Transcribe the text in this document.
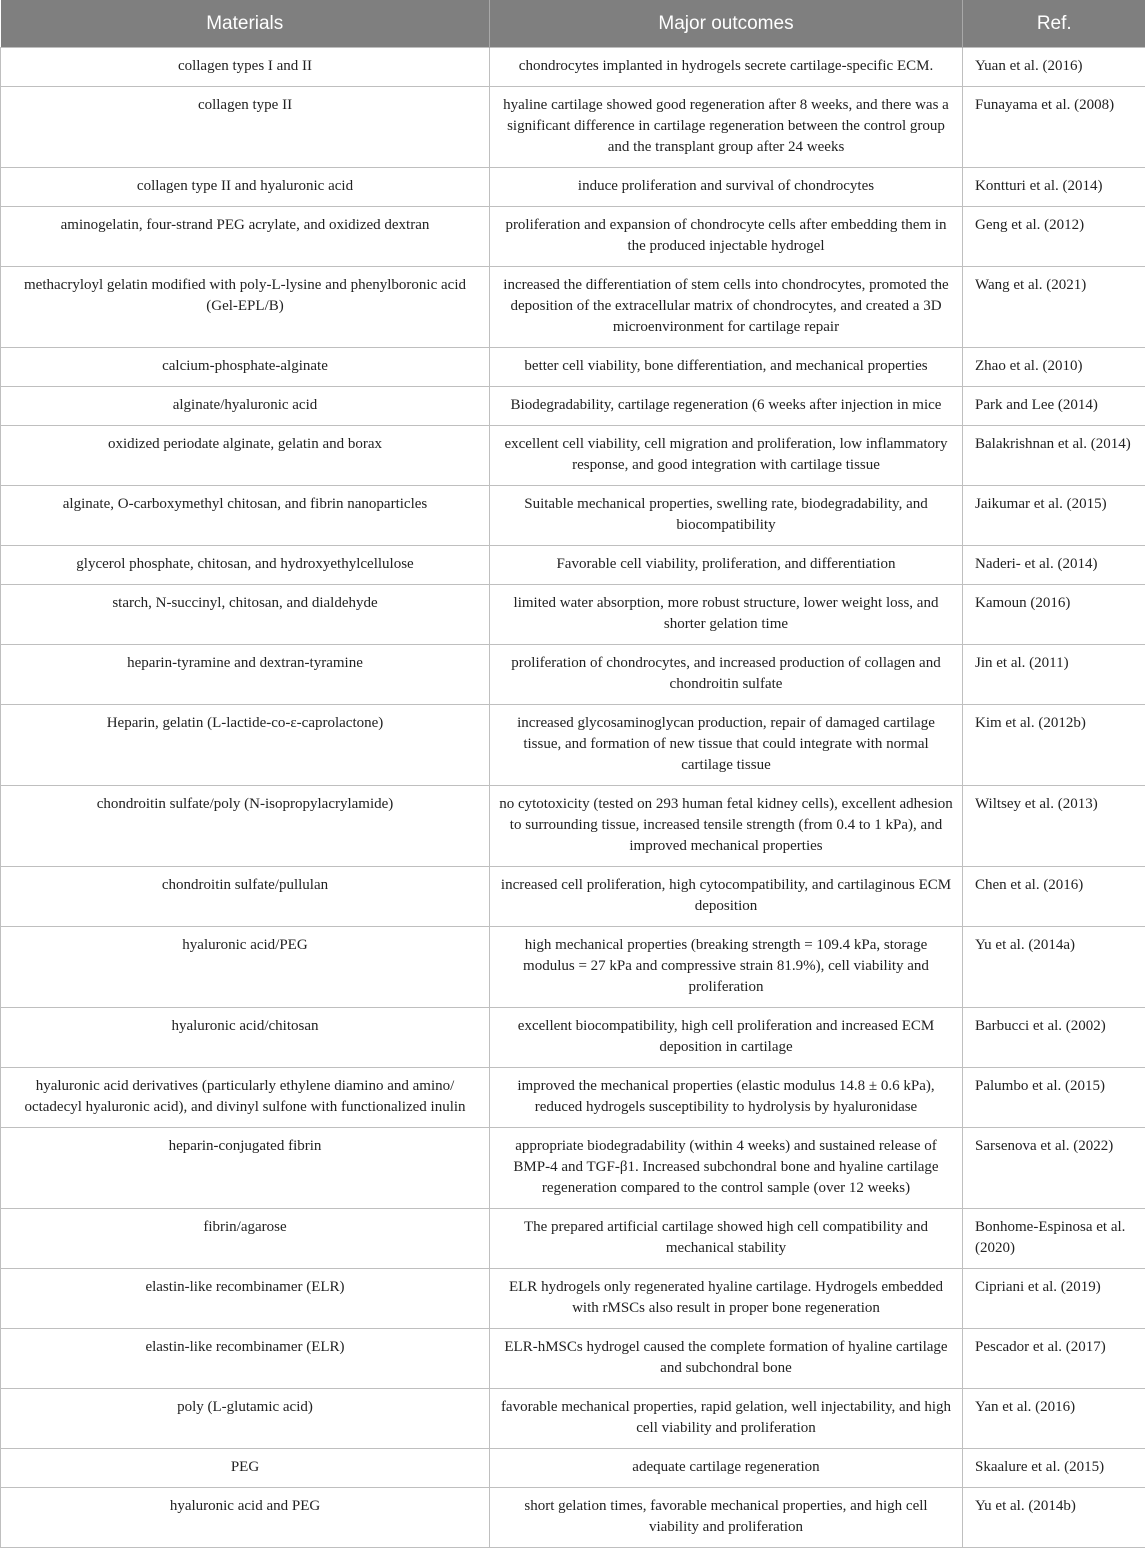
Materials	Major outcomes	Ref.
collagen types I and II	chondrocytes implanted in hydrogels secrete cartilage-specific ECM.	Yuan et al. (2016)
collagen type II	hyaline cartilage showed good regeneration after 8 weeks, and there was a significant difference in cartilage regeneration between the control group and the transplant group after 24 weeks	Funayama et al. (2008)
collagen type II and hyaluronic acid	induce proliferation and survival of chondrocytes	Kontturi et al. (2014)
aminogelatin, four-strand PEG acrylate, and oxidized dextran	proliferation and expansion of chondrocyte cells after embedding them in the produced injectable hydrogel	Geng et al. (2012)
methacryloyl gelatin modified with poly-L-lysine and phenylboronic acid (Gel-EPL/B)	increased the differentiation of stem cells into chondrocytes, promoted the deposition of the extracellular matrix of chondrocytes, and created a 3D microenvironment for cartilage repair	Wang et al. (2021)
calcium-phosphate-alginate	better cell viability, bone differentiation, and mechanical properties	Zhao et al. (2010)
alginate/hyaluronic acid	Biodegradability, cartilage regeneration (6 weeks after injection in mice	Park and Lee (2014)
oxidized periodate alginate, gelatin and borax	excellent cell viability, cell migration and proliferation, low inflammatory response, and good integration with cartilage tissue	Balakrishnan et al. (2014)
alginate, O-carboxymethyl chitosan, and fibrin nanoparticles	Suitable mechanical properties, swelling rate, biodegradability, and biocompatibility	Jaikumar et al. (2015)
glycerol phosphate, chitosan, and hydroxyethylcellulose	Favorable cell viability, proliferation, and differentiation	Naderi- et al. (2014)
starch, N-succinyl, chitosan, and dialdehyde	limited water absorption, more robust structure, lower weight loss, and shorter gelation time	Kamoun (2016)
heparin-tyramine and dextran-tyramine	proliferation of chondrocytes, and increased production of collagen and chondroitin sulfate	Jin et al. (2011)
Heparin, gelatin (L-lactide-co-ε-caprolactone)	increased glycosaminoglycan production, repair of damaged cartilage tissue, and formation of new tissue that could integrate with normal cartilage tissue	Kim et al. (2012b)
chondroitin sulfate/poly (N-isopropylacrylamide)	no cytotoxicity (tested on 293 human fetal kidney cells), excellent adhesion to surrounding tissue, increased tensile strength (from 0.4 to 1 kPa), and improved mechanical properties	Wiltsey et al. (2013)
chondroitin sulfate/pullulan	increased cell proliferation, high cytocompatibility, and cartilaginous ECM deposition	Chen et al. (2016)
hyaluronic acid/PEG	high mechanical properties (breaking strength = 109.4 kPa, storage modulus = 27 kPa and compressive strain 81.9%), cell viability and proliferation	Yu et al. (2014a)
hyaluronic acid/chitosan	excellent biocompatibility, high cell proliferation and increased ECM deposition in cartilage	Barbucci et al. (2002)
hyaluronic acid derivatives (particularly ethylene diamino and amino/ octadecyl hyaluronic acid), and divinyl sulfone with functionalized inulin	improved the mechanical properties (elastic modulus 14.8 ± 0.6 kPa), reduced hydrogels susceptibility to hydrolysis by hyaluronidase	Palumbo et al. (2015)
heparin-conjugated fibrin	appropriate biodegradability (within 4 weeks) and sustained release of BMP-4 and TGF-β1. Increased subchondral bone and hyaline cartilage regeneration compared to the control sample (over 12 weeks)	Sarsenova et al. (2022)
fibrin/agarose	The prepared artificial cartilage showed high cell compatibility and mechanical stability	Bonhome-Espinosa et al. (2020)
elastin-like recombinamer (ELR)	ELR hydrogels only regenerated hyaline cartilage. Hydrogels embedded with rMSCs also result in proper bone regeneration	Cipriani et al. (2019)
elastin-like recombinamer (ELR)	ELR-hMSCs hydrogel caused the complete formation of hyaline cartilage and subchondral bone	Pescador et al. (2017)
poly (L-glutamic acid)	favorable mechanical properties, rapid gelation, well injectability, and high cell viability and proliferation	Yan et al. (2016)
PEG	adequate cartilage regeneration	Skaalure et al. (2015)
hyaluronic acid and PEG	short gelation times, favorable mechanical properties, and high cell viability and proliferation	Yu et al. (2014b)
